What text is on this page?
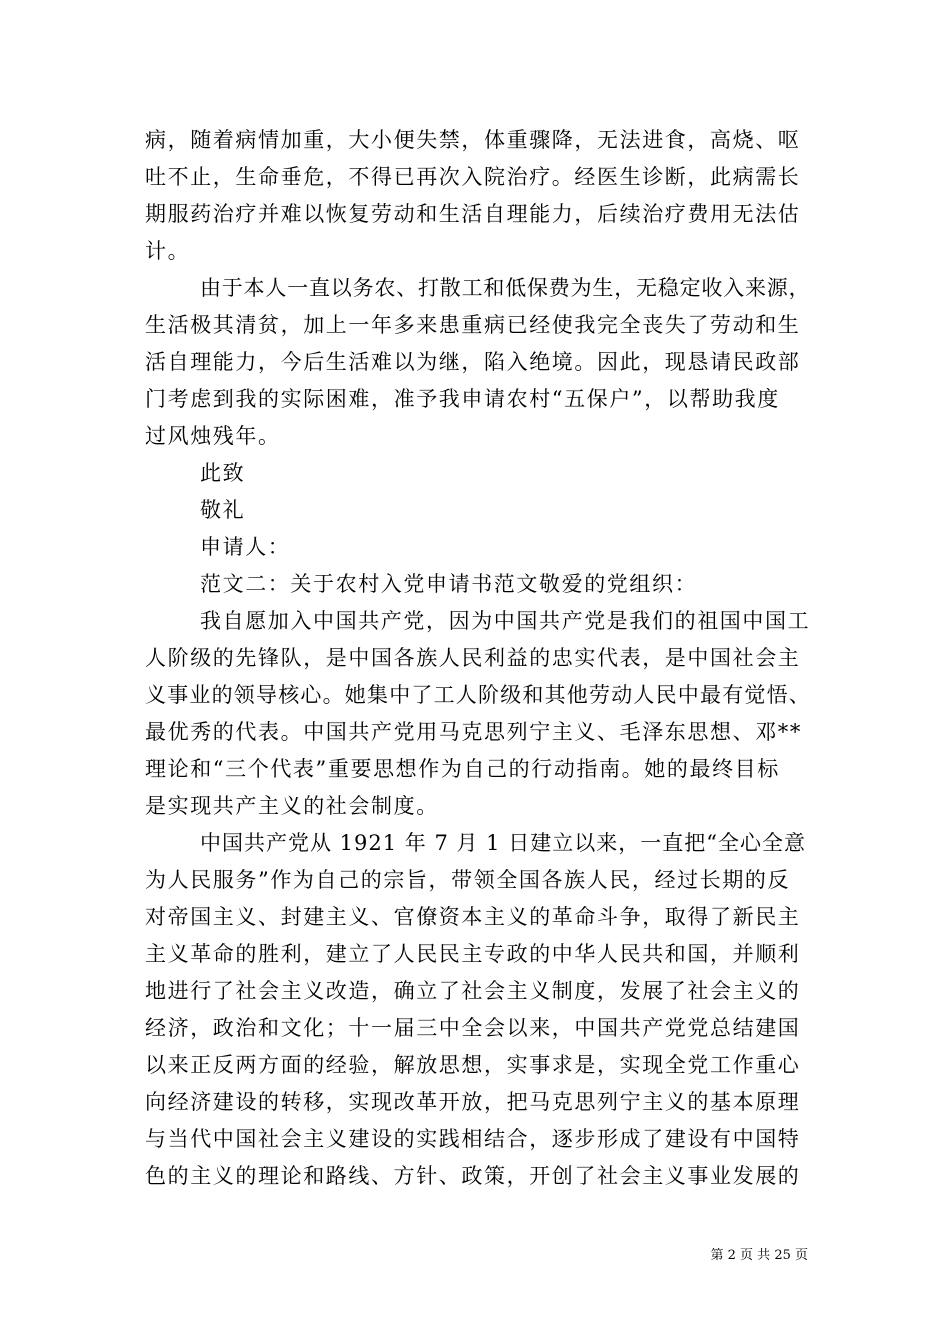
病，随着病情加重，大小便失禁，体重骤降，无法进食，高烧、呕
吐不止，生命垂危，不得已再次入院治疗。经医生诊断，此病需长
期服药治疗并难以恢复劳动和生活自理能力，后续治疗费用无法估
计。
由于本人一直以务农、打散工和低保费为生，无稳定收入来源，
生活极其清贫，加上一年多来患重病已经使我完全丧失了劳动和生
活自理能力，今后生活难以为继，陷入绝境。因此，现恳请民政部
门考虑到我的实际困难，准予我申请农村“五保户”，以帮助我度
过风烛残年。
此致
敬礼
申请人：
范文二：关于农村入党申请书范文敬爱的党组织：
我自愿加入中国共产党，因为中国共产党是我们的祖国中国工
人阶级的先锋队，是中国各族人民利益的忠实代表，是中国社会主
义事业的领导核心。她集中了工人阶级和其他劳动人民中最有觉悟、
最优秀的代表。中国共产党用马克思列宁主义、毛泽东思想、邓**
理论和“三个代表”重要思想作为自己的行动指南。她的最终目标
是实现共产主义的社会制度。
中国共产党从 1921 年 7 月 1 日建立以来，一直把“全心全意
为人民服务”作为自己的宗旨，带领全国各族人民，经过长期的反
对帝国主义、封建主义、官僚资本主义的革命斗争，取得了新民主
主义革命的胜利，建立了人民民主专政的中华人民共和国，并顺利
地进行了社会主义改造，确立了社会主义制度，发展了社会主义的
经济，政治和文化；十一届三中全会以来，中国共产党党总结建国
以来正反两方面的经验，解放思想，实事求是，实现全党工作重心
向经济建设的转移，实现改革开放，把马克思列宁主义的基本原理
与当代中国社会主义建设的实践相结合，逐步形成了建设有中国特
色的主义的理论和路线、方针、政策，开创了社会主义事业发展的
第 2 页 共 25 页
